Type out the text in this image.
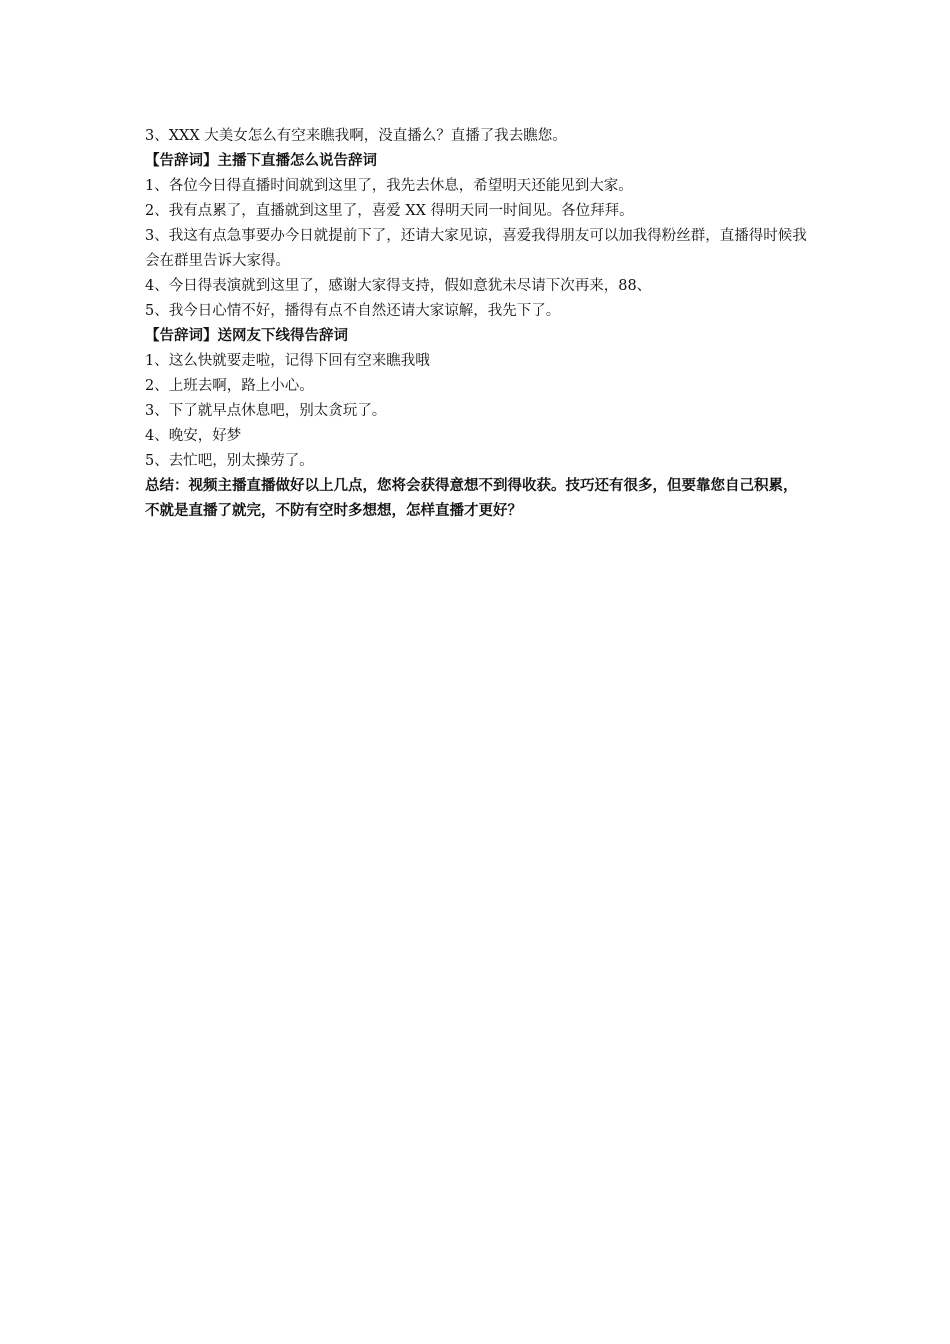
3、XXX 大美女怎么有空来瞧我啊，没直播么？直播了我去瞧您。
【告辞词】主播下直播怎么说告辞词
1、各位今日得直播时间就到这里了，我先去休息，希望明天还能见到大家。
2、我有点累了，直播就到这里了，喜爱 XX 得明天同一时间见。各位拜拜。
3、我这有点急事要办今日就提前下了，还请大家见谅，喜爱我得朋友可以加我得粉丝群，直播得时候我会在群里告诉大家得。
4、今日得表演就到这里了，感谢大家得支持，假如意犹未尽请下次再来，88、
5、我今日心情不好，播得有点不自然还请大家谅解，我先下了。
【告辞词】送网友下线得告辞词
1、这么快就要走啦，记得下回有空来瞧我哦
2、上班去啊，路上小心。
3、下了就早点休息吧，别太贪玩了。
4、晚安，好梦
5、去忙吧，别太操劳了。
总结：视频主播直播做好以上几点，您将会获得意想不到得收获。技巧还有很多，但要靠您自己积累，不就是直播了就完，不防有空时多想想，怎样直播才更好？
